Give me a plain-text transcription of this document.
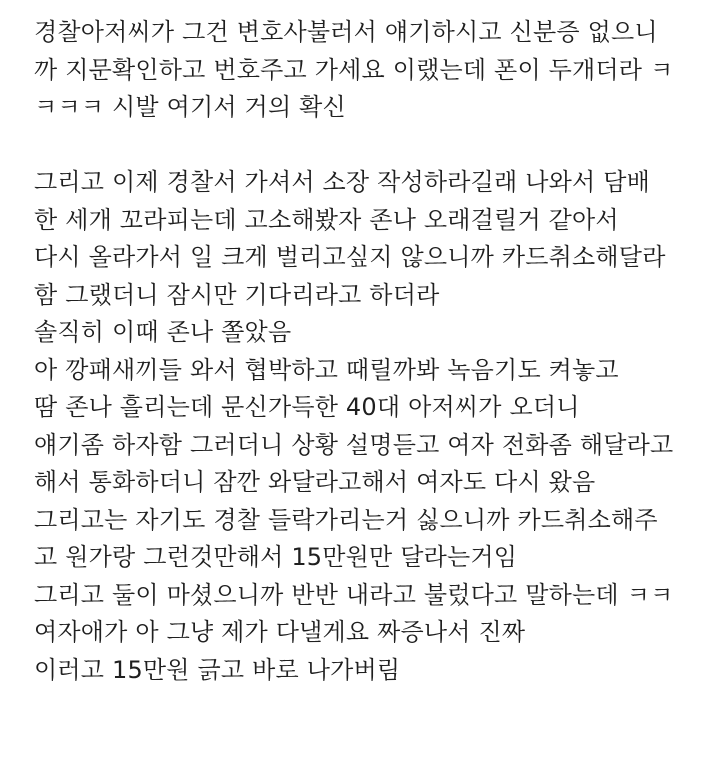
경찰아저씨가 그건 변호사불러서 얘기하시고 신분증 없으니
까 지문확인하고 번호주고 가세요 이랬는데 폰이 두개더라 ㅋ
ㅋㅋㅋ 시발 여기서 거의 확신
그리고 이제 경찰서 가셔서 소장 작성하라길래 나와서 담배
한 세개 꼬라피는데 고소해봤자 존나 오래걸릴거 같아서
다시 올라가서 일 크게 벌리고싶지 않으니까 카드취소해달라
함 그랬더니 잠시만 기다리라고 하더라
솔직히 이때 존나 쫄았음
아 깡패새끼들 와서 협박하고 때릴까봐 녹음기도 켜놓고
땀 존나 흘리는데 문신가득한 40대 아저씨가 오더니
얘기좀 하자함 그러더니 상황 설명듣고 여자 전화좀 해달라고
해서 통화하더니 잠깐 와달라고해서 여자도 다시 왔음
그리고는 자기도 경찰 들락가리는거 싫으니까 카드취소해주
고 원가랑 그런것만해서 15만원만 달라는거임
그리고 둘이 마셨으니까 반반 내라고 불렀다고 말하는데 ㅋㅋ
여자애가 아 그냥 제가 다낼게요 짜증나서 진짜
이러고 15만원 긁고 바로 나가버림
